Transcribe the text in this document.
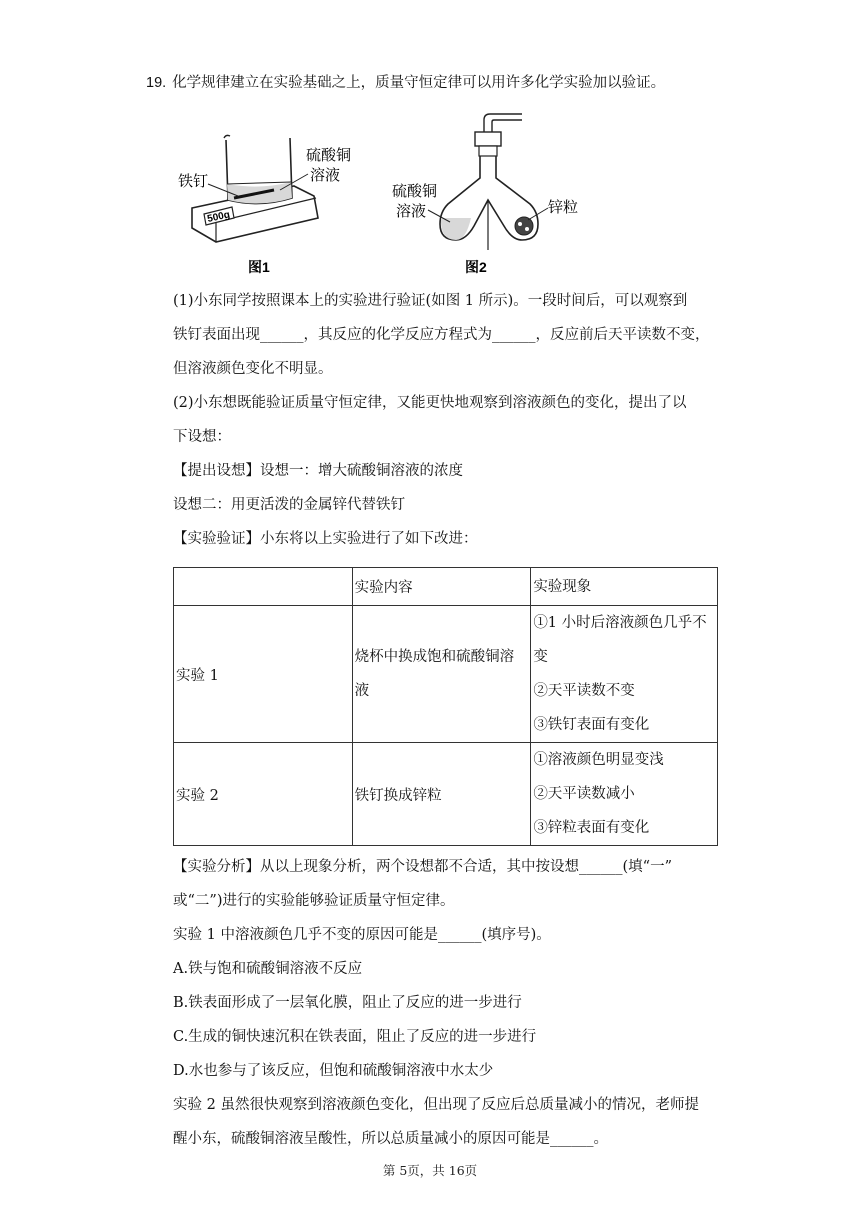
19. 化学规律建立在实验基础之上，质量守恒定律可以用许多化学实验加以验证。
500g
铁钉
硫酸铜
溶液
图1
硫酸铜
溶液	锌粒
图2
(1)小东同学按照课本上的实验进行验证(如图 1 所示)。一段时间后，可以观察到
铁钉表面出现______，其反应的化学反应方程式为______，反应前后天平读数不变，
但溶液颜色变化不明显。
(2)小东想既能验证质量守恒定律，又能更快地观察到溶液颜色的变化，提出了以
下设想：
【提出设想】设想一：增大硫酸铜溶液的浓度
设想二：用更活泼的金属锌代替铁钉
【实验验证】小东将以上实验进行了如下改进：
	实验内容	实验现象
实验 1	烧杯中换成饱和硫酸铜溶
液	①1 小时后溶液颜色几乎不
变
②天平读数不变
③铁钉表面有变化

实验 2	铁钉换成锌粒	①溶液颜色明显变浅
②天平读数减小
③锌粒表面有变化
【实验分析】从以上现象分析，两个设想都不合适，其中按设想______(填“一”
或“二”)进行的实验能够验证质量守恒定律。
实验 1 中溶液颜色几乎不变的原因可能是______(填序号)。
A.铁与饱和硫酸铜溶液不反应
B.铁表面形成了一层氧化膜，阻止了反应的进一步进行
C.生成的铜快速沉积在铁表面，阻止了反应的进一步进行
D.水也参与了该反应，但饱和硫酸铜溶液中水太少
实验 2 虽然很快观察到溶液颜色变化，但出现了反应后总质量减小的情况，老师提
醒小东，硫酸铜溶液呈酸性，所以总质量减小的原因可能是______。
第 5页，共 16页
